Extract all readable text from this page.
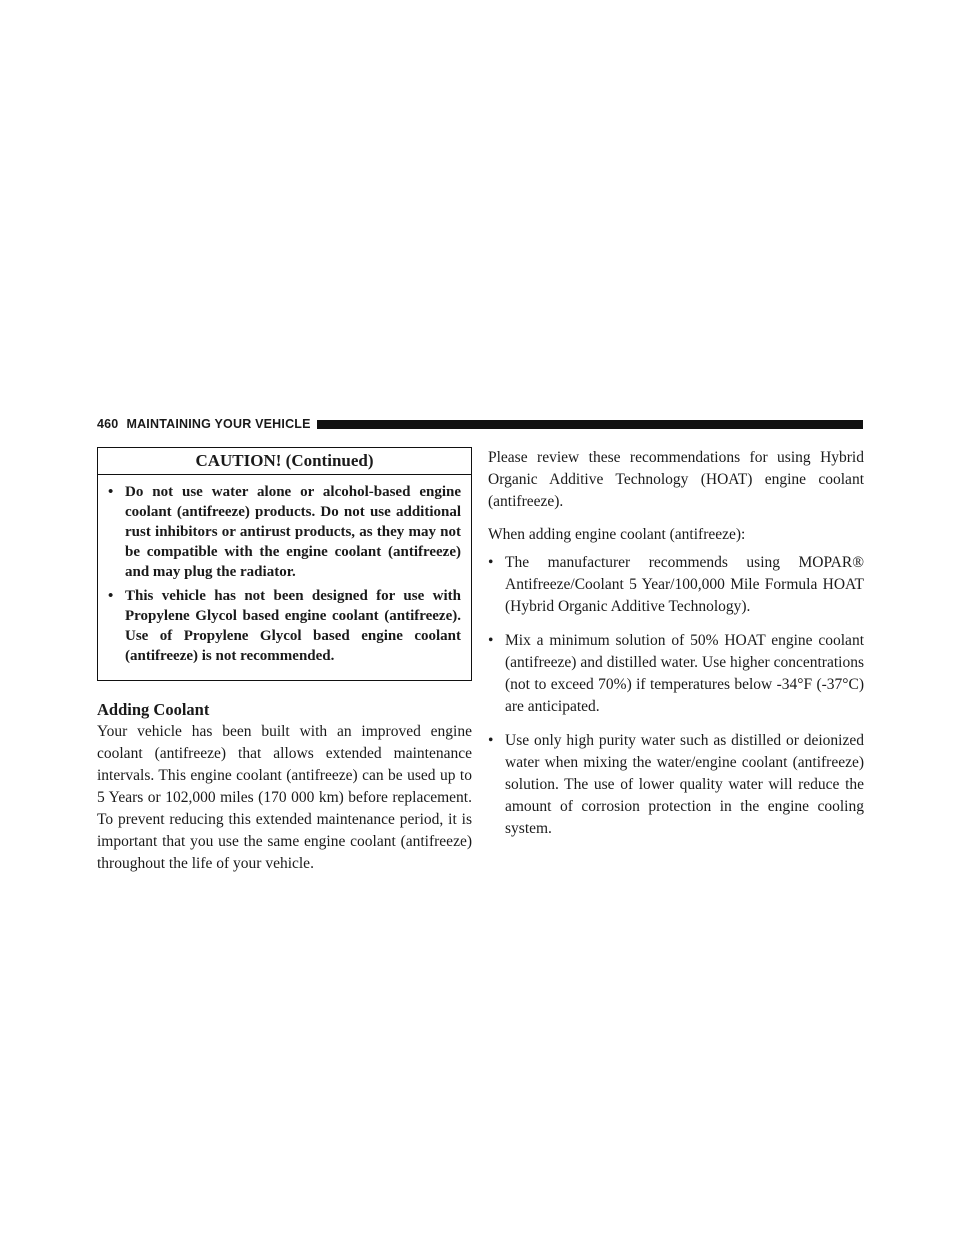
460 MAINTAINING YOUR VEHICLE
CAUTION! (Continued)
• Do not use water alone or alcohol-based engine coolant (antifreeze) products. Do not use additional rust inhibitors or antirust products, as they may not be compatible with the engine coolant (antifreeze) and may plug the radiator.
• This vehicle has not been designed for use with Propylene Glycol based engine coolant (antifreeze). Use of Propylene Glycol based engine coolant (antifreeze) is not recommended.
Adding Coolant

Your vehicle has been built with an improved engine coolant (antifreeze) that allows extended maintenance intervals. This engine coolant (antifreeze) can be used up to 5 Years or 102,000 miles (170 000 km) before replacement. To prevent reducing this extended maintenance period, it is important that you use the same engine coolant (antifreeze) throughout the life of your vehicle.

Please review these recommendations for using Hybrid Organic Additive Technology (HOAT) engine coolant (antifreeze).

When adding engine coolant (antifreeze):

• The manufacturer recommends using MOPAR® Antifreeze/Coolant 5 Year/100,000 Mile Formula HOAT (Hybrid Organic Additive Technology).
• Mix a minimum solution of 50% HOAT engine coolant (antifreeze) and distilled water. Use higher concentrations (not to exceed 70%) if temperatures below -34°F (-37°C) are anticipated.
• Use only high purity water such as distilled or deionized water when mixing the water/engine coolant (antifreeze) solution. The use of lower quality water will reduce the amount of corrosion protection in the engine cooling system.
